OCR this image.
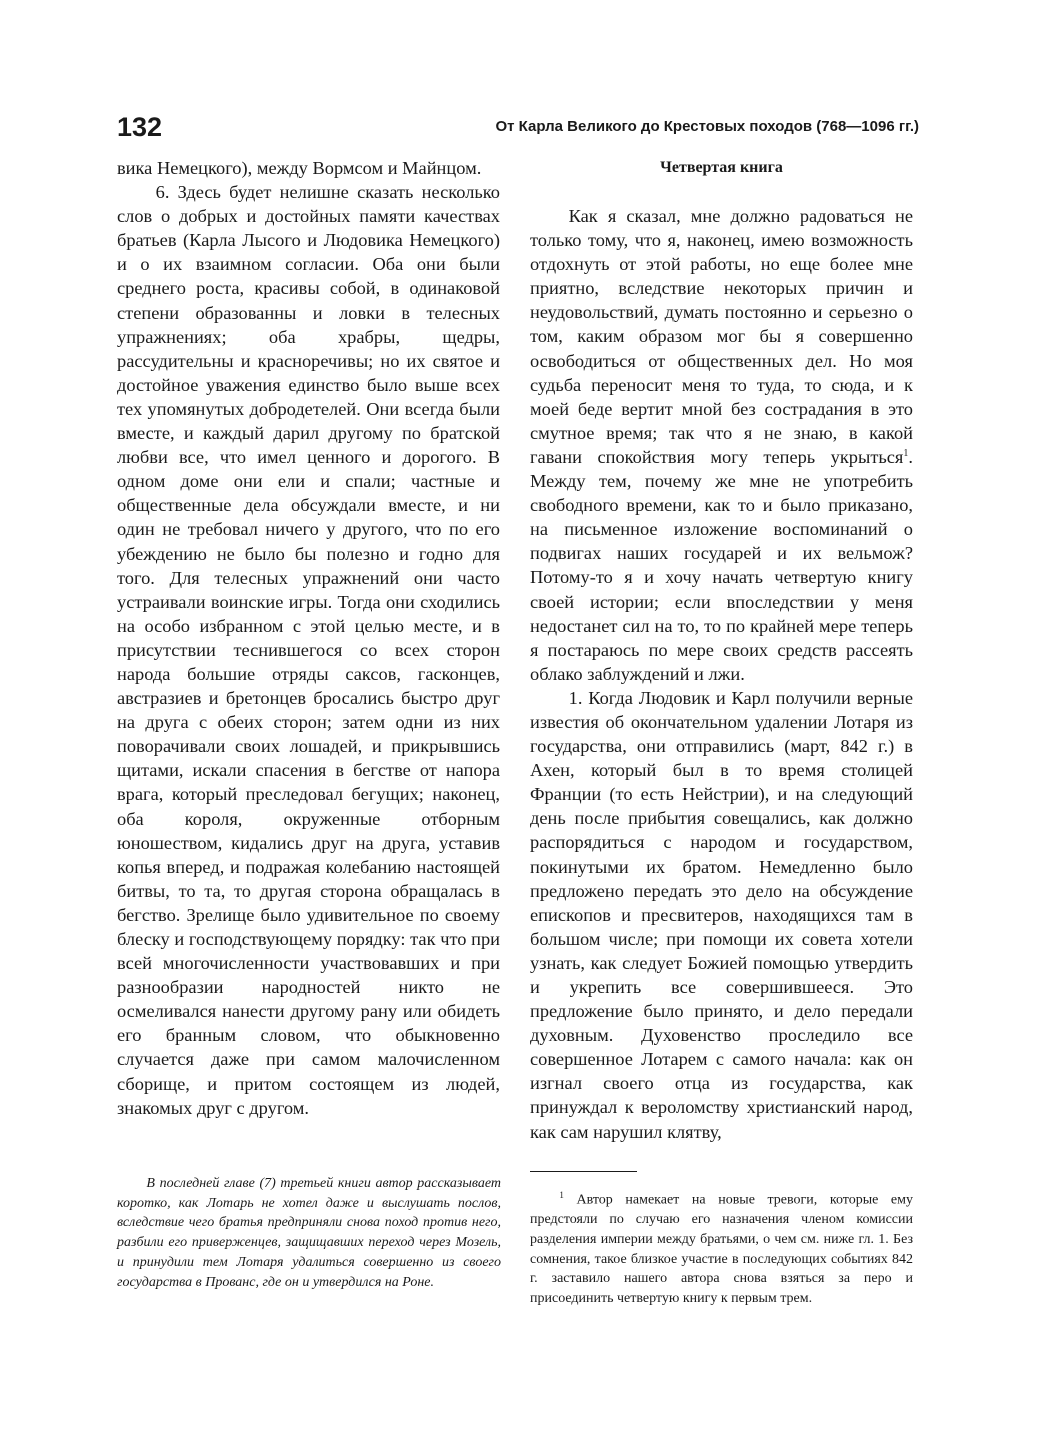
132	От Карла Великого до Крестовых походов (768—1096 гг.)

вика Немецкого), между Вормсом и Майнцом.

6. Здесь будет нелишне сказать несколько слов о добрых и достойных памяти качествах братьев (Карла Лысого и Людовика Немецкого) и о их взаимном согласии. Оба они были среднего роста, красивы собой, в одинаковой степени образованны и ловки в телесных упражнениях; оба храбры, щедры, рассудительны и красноречивы; но их святое и достойное уважения единство было выше всех тех упомянутых добродетелей. Они всегда были вместе, и каждый дарил другому по братской любви все, что имел ценного и дорогого. В одном доме они ели и спали; частные и общественные дела обсуждали вместе, и ни один не требовал ничего у другого, что по его убеждению не было бы полезно и годно для того. Для телесных упражнений они часто устраивали воинские игры. Тогда они сходились на особо избранном с этой целью месте, и в присутствии теснившегося со всех сторон народа большие отряды саксов, гасконцев, австразиев и бретонцев бросались быстро друг на друга с обеих сторон; затем одни из них поворачивали своих лошадей, и прикрывшись щитами, искали спасения в бегстве от напора врага, который преследовал бегущих; наконец, оба короля, окруженные отборным юношеством, кидались друг на друга, уставив копья вперед, и подражая колебанию настоящей битвы, то та, то другая сторона обращалась в бегство. Зрелище было удивительное по своему блеску и господствующему порядку: так что при всей многочисленности участвовавших и при разнообразии народностей никто не осмеливался нанести другому рану или обидеть его бранным словом, что обыкновенно случается даже при самом малочисленном сборище, и притом состоящем из людей, знакомых друг с другом.

В последней главе (7) третьей книги автор рассказывает коротко, как Лотарь не хотел даже и выслушать послов, вследствие чего братья предприняли снова поход против него, разбили его приверженцев, защищавших переход через Мозель, и принудили тем Лотаря удалиться совершенно из своего государства в Прованс, где он и утвердился на Роне.

Четвертая книга

Как я сказал, мне должно радоваться не только тому, что я, наконец, имею возможность отдохнуть от этой работы, но еще более мне приятно, вследствие некоторых причин и неудовольствий, думать постоянно и серьезно о том, каким образом мог бы я совершенно освободиться от общественных дел. Но моя судьба переносит меня то туда, то сюда, и к моей беде вертит мной без сострадания в это смутное время; так что я не знаю, в какой гавани спокойствия могу теперь укрыться$^1$. Между тем, почему же мне не употребить свободного времени, как то и было приказано, на письменное изложение воспоминаний о подвигах наших государей и их вельмож? Потому-то я и хочу начать четвертую книгу своей истории; если впоследствии у меня недостанет сил на то, то по крайней мере теперь я постараюсь по мере своих средств рассеять облако заблуждений и лжи.

1. Когда Людовик и Карл получили верные известия об окончательном удалении Лотаря из государства, они отправились (март, 842 г.) в Ахен, который был в то время столицей Франции (то есть Нейстрии), и на следующий день после прибытия совещались, как должно распорядиться с народом и государством, покинутыми их братом. Немедленно было предложено передать это дело на обсуждение епископов и пресвитеров, находящихся там в большом числе; при помощи их совета хотели узнать, как следует Божией помощью утвердить и укрепить все совершившееся. Это предложение было принято, и дело передали духовным. Духовенство проследило все совершенное Лотарем с самого начала: как он изгнал своего отца из государства, как принуждал к вероломству христианский народ, как сам нарушил клятву,

$^1$ Автор намекает на новые тревоги, которые ему предстояли по случаю его назначения членом комиссии разделения империи между братьями, о чем см. ниже гл. 1. Без сомнения, такое близкое участие в последующих событиях 842 г. заставило нашего автора снова взяться за перо и присоединить четвертую книгу к первым трем.
